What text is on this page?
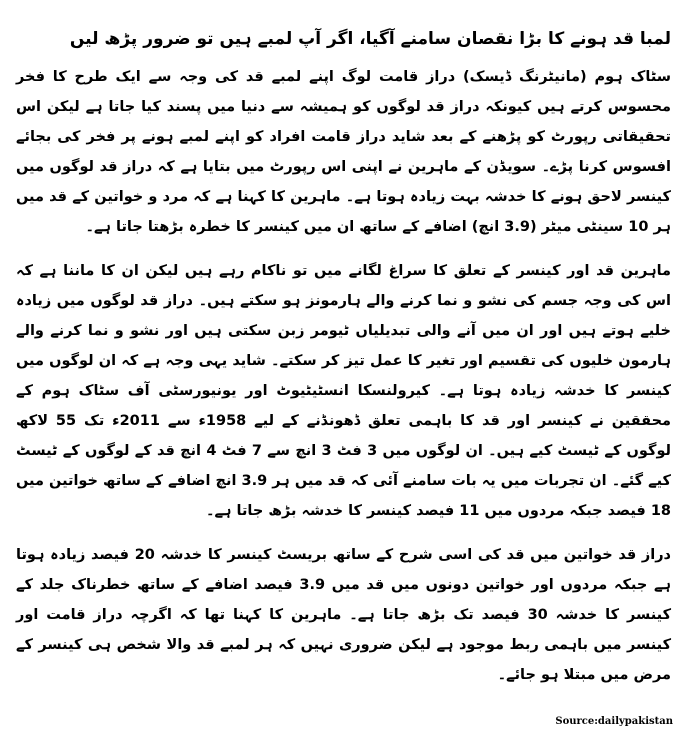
لمبا قد ہونے کا بڑا نقصان سامنے آگیا، اگر آپ لمبے ہیں تو ضرور پڑھ لیں

سٹاک ہوم (مانیٹرنگ ڈیسک) دراز قامت لوگ اپنے لمبے قد کی وجہ سے ایک طرح کا فخر محسوس کرتے ہیں کیونکہ دراز قد لوگوں کو ہمیشہ سے دنیا میں پسند کیا جاتا ہے لیکن اس تحقیقاتی رپورٹ کو پڑھنے کے بعد شاید دراز قامت افراد کو اپنے لمبے ہونے پر فخر کی بجائے افسوس کرنا پڑے۔ سویڈن کے ماہرین نے اپنی اس رپورٹ میں بتایا ہے کہ دراز قد لوگوں میں کینسر لاحق ہونے کا خدشہ بہت زیادہ ہوتا ہے۔ ماہرین کا کہنا ہے کہ مرد و خواتین کے قد میں ہر 10 سینٹی میٹر (3.9 انچ) اضافے کے ساتھ ان میں کینسر کا خطرہ بڑھتا جاتا ہے۔

ماہرین قد اور کینسر کے تعلق کا سراغ لگانے میں تو ناکام رہے ہیں لیکن ان کا ماننا ہے کہ اس کی وجہ جسم کی نشو و نما کرنے والے ہارمونز ہو سکتے ہیں۔ دراز قد لوگوں میں زیادہ خلیے ہوتے ہیں اور ان میں آنے والی تبدیلیاں ٹیومر زبن سکتی ہیں اور نشو و نما کرنے والے ہارمون خلیوں کی تقسیم اور تغیر کا عمل تیز کر سکتے۔ شاید یہی وجہ ہے کہ ان لوگوں میں کینسر کا خدشہ زیادہ ہوتا ہے۔ کیرولنسکا انسٹیٹیوٹ اور یونیورسٹی آف سٹاک ہوم کے محققین نے کینسر اور قد کا باہمی تعلق ڈھونڈنے کے لیے 1958ء سے 2011ء تک 55 لاکھ لوگوں کے ٹیسٹ کیے ہیں۔ ان لوگوں میں 3 فٹ 3 انچ سے 7 فٹ 4 انچ قد کے لوگوں کے ٹیسٹ کیے گئے۔ ان تجربات میں یہ بات سامنے آئی کہ قد میں ہر 3.9 انچ اضافے کے ساتھ خواتین میں 18 فیصد جبکہ مردوں میں 11 فیصد کینسر کا خدشہ بڑھ جاتا ہے۔

دراز قد خواتین میں قد کی اسی شرح کے ساتھ بریسٹ کینسر کا خدشہ 20 فیصد زیادہ ہوتا ہے جبکہ مردوں اور خواتین دونوں میں قد میں 3.9 فیصد اضافے کے ساتھ خطرناک جلد کے کینسر کا خدشہ 30 فیصد تک بڑھ جاتا ہے۔ ماہرین کا کہنا تھا کہ اگرچہ دراز قامت اور کینسر میں باہمی ربط موجود ہے لیکن ضروری نہیں کہ ہر لمبے قد والا شخص ہی کینسر کے مرض میں مبتلا ہو جائے۔

Source:dailypakistan
